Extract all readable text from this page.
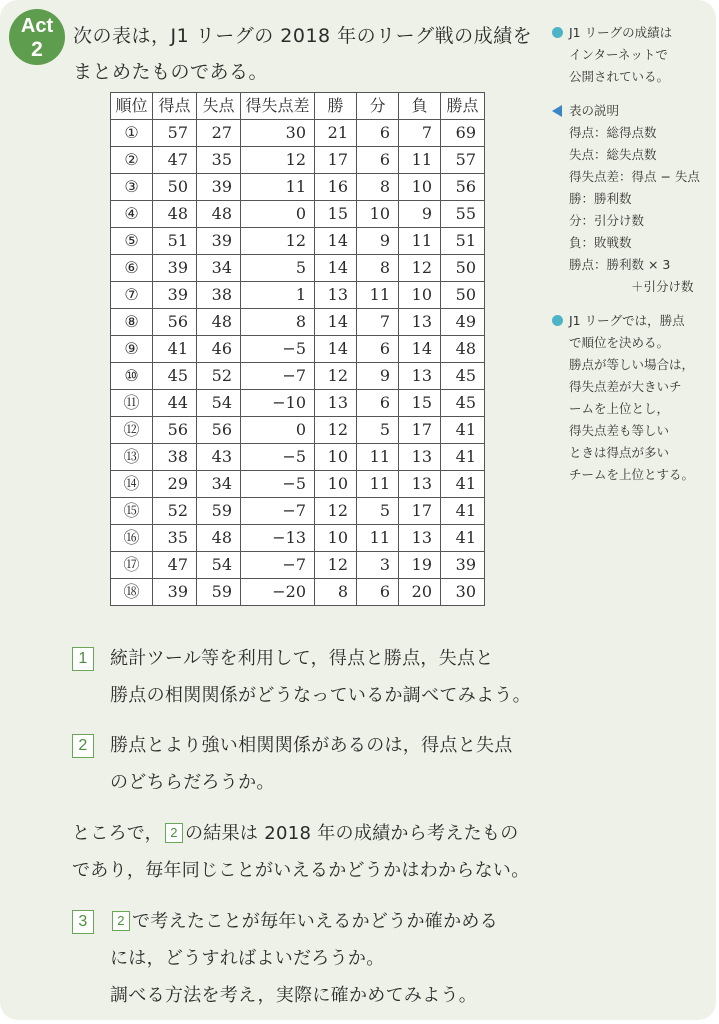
Act
2
次の表は，J1 リーグの 2018 年のリーグ戦の成績を
まとめたものである。
順位	得点	失点	得失点差	勝	分	負	勝点
①	57	27	30	21	6	7	69
②	47	35	12	17	6	11	57
③	50	39	11	16	8	10	56
④	48	48	0	15	10	9	55
⑤	51	39	12	14	9	11	51
⑥	39	34	5	14	8	12	50
⑦	39	38	1	13	11	10	50
⑧	56	48	8	14	7	13	49
⑨	41	46	−5	14	6	14	48
⑩	45	52	−7	12	9	13	45
⑪	44	54	−10	13	6	15	45
⑫	56	56	0	12	5	17	41
⑬	38	43	−5	10	11	13	41
⑭	29	34	−5	10	11	13	41
⑮	52	59	−7	12	5	17	41
⑯	35	48	−13	10	11	13	41
⑰	47	54	−7	12	3	19	39
⑱	39	59	−20	8	6	20	30
J1 リーグの成績は
インターネットで
公開されている。
表の説明
得点：総得点数
失点：総失点数
得失点差：得点 − 失点
勝：勝利数
分：引分け数
負：敗戦数
勝点：勝利数 × 3
＋引分け数
J1 リーグでは，勝点
で順位を決める。
勝点が等しい場合は，
得失点差が大きいチ
ームを上位とし，
得失点差も等しい
ときは得点が多い
チームを上位とする。
1	統計ツール等を利用して，得点と勝点，失点と
勝点の相関関係がどうなっているか調べてみよう。
2	勝点とより強い相関関係があるのは，得点と失点
のどちらだろうか。
ところで， 2 の結果は 2018 年の成績から考えたもの
であり，毎年同じことがいえるかどうかはわからない。
3	2 で考えたことが毎年いえるかどうか確かめる
には，どうすればよいだろうか。
調べる方法を考え，実際に確かめてみよう。
